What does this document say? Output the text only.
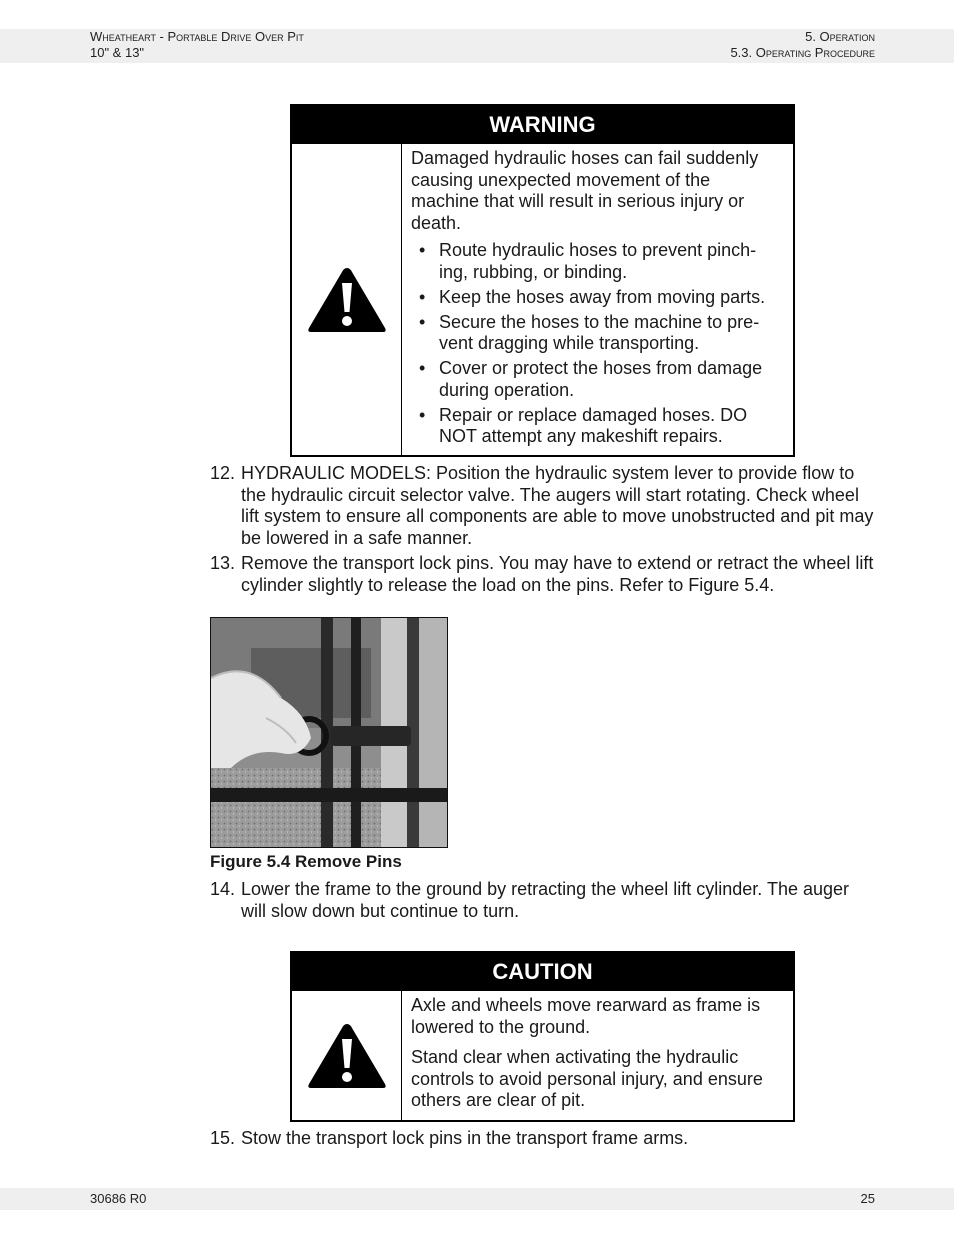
Wheatheart - Portable Drive Over Pit
10" & 13"
5. Operation
5.3. Operating Procedure
WARNING

Damaged hydraulic hoses can fail suddenly causing unexpected movement of the machine that will result in serious injury or death.

• Route hydraulic hoses to prevent pinch-ing, rubbing, or binding.
• Keep the hoses away from moving parts.
• Secure the hoses to the machine to pre-vent dragging while transporting.
• Cover or protect the hoses from damage during operation.
• Repair or replace damaged hoses. DO NOT attempt any makeshift repairs.
12. HYDRAULIC MODELS: Position the hydraulic system lever to provide flow to the hydraulic circuit selector valve. The augers will start rotating. Check wheel lift system to ensure all components are able to move unobstructed and pit may be lowered in a safe manner.
13. Remove the transport lock pins. You may have to extend or retract the wheel lift cylinder slightly to release the load on the pins. Refer to Figure 5.4.
Figure 5.4 Remove Pins
14. Lower the frame to the ground by retracting the wheel lift cylinder. The auger will slow down but continue to turn.
CAUTION

Axle and wheels move rearward as frame is lowered to the ground.

Stand clear when activating the hydraulic controls to avoid personal injury, and ensure others are clear of pit.

15. Stow the transport lock pins in the transport frame arms.
30686 R0	25
